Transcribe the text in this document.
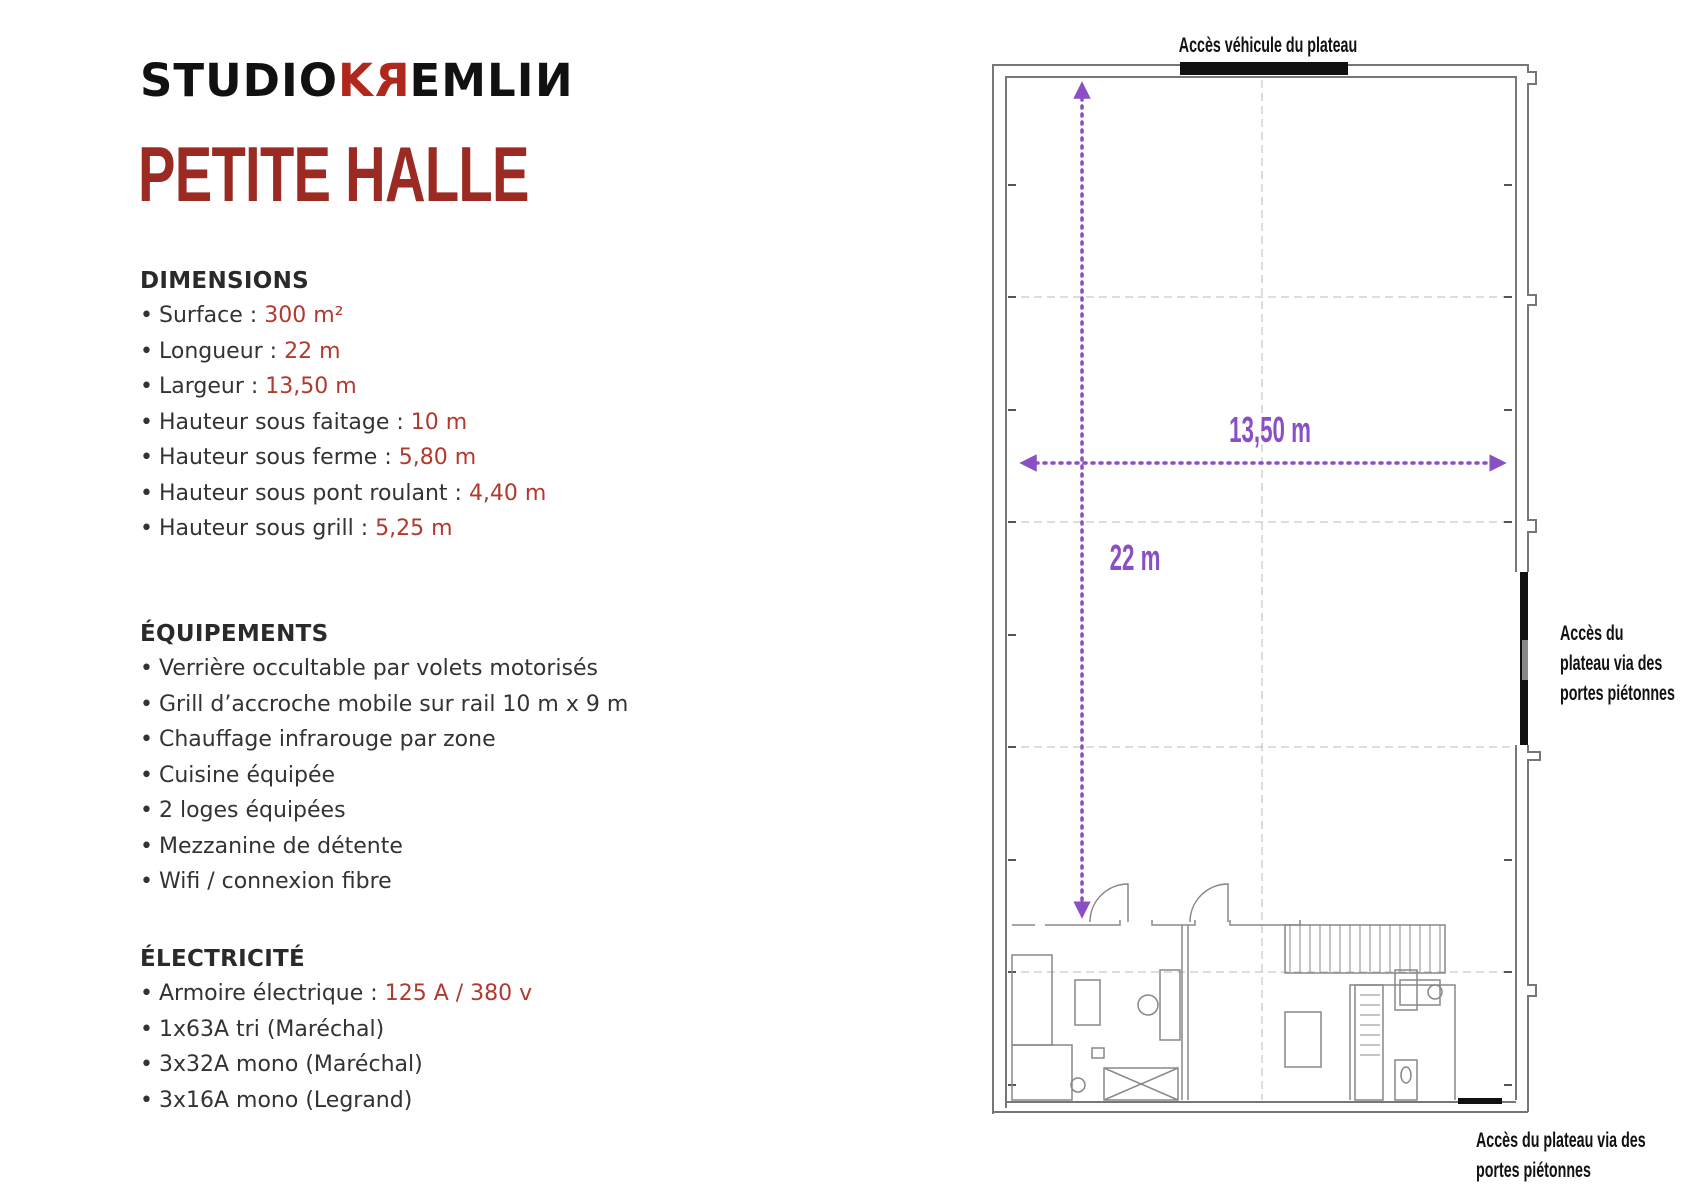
STUDIOKREMLIN
PETITE HALLE
DIMENSIONS
• Surface : 300 m²
• Longueur : 22 m
• Largeur : 13,50 m
• Hauteur sous faitage : 10 m
• Hauteur sous ferme : 5,80 m
• Hauteur sous pont roulant : 4,40 m
• Hauteur sous grill : 5,25 m
ÉQUIPEMENTS
• Verrière occultable par volets motorisés
• Grill d’accroche mobile sur rail 10 m x 9 m
• Chauffage infrarouge par zone
• Cuisine équipée
• 2 loges équipées
• Mezzanine de détente
• Wifi / connexion fibre
ÉLECTRICITÉ
• Armoire électrique : 125 A / 380 v
• 1x63A tri (Maréchal)
• 3x32A mono (Maréchal)
• 3x16A mono (Legrand)
13,50 m
22 m
Accès véhicule du plateau
Accès du
plateau via des
portes piétonnes
Accès du plateau via des
portes piétonnes
